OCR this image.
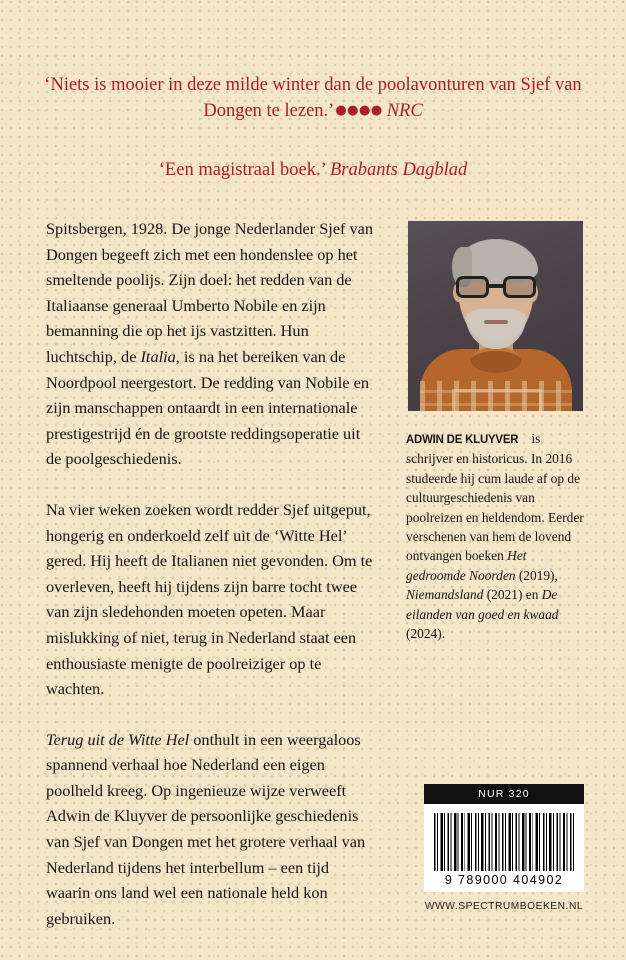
‘Niets is mooier in deze milde winter dan de poolavonturen van Sjef van Dongen te lezen.’●●●● NRC
‘Een magistraal boek.’ Brabants Dagblad

Spitsbergen, 1928. De jonge Nederlander Sjef van Dongen begeeft zich met een hondenslee op het smeltende poolijs. Zijn doel: het redden van de Italiaanse generaal Umberto Nobile en zijn bemanning die op het ijs vastzitten. Hun luchtschip, de Italia, is na het bereiken van de Noordpool neergestort. De redding van Nobile en zijn manschappen ontaardt in een internationale prestigestrijd én de grootste reddingsoperatie uit de poolgeschiedenis.

Na vier weken zoeken wordt redder Sjef uitgeput, hongerig en onderkoeld zelf uit de ‘Witte Hel’ gered. Hij heeft de Italianen niet gevonden. Om te overleven, heeft hij tijdens zijn barre tocht twee van zijn sledehonden moeten opeten. Maar mislukking of niet, terug in Nederland staat een enthousiaste menigte de poolreiziger op te wachten.

Terug uit de Witte Hel onthult in een weergaloos spannend verhaal hoe Nederland een eigen poolheld kreeg. Op ingenieuze wijze verweeft Adwin de Kluyver de persoonlijke geschiedenis van Sjef van Dongen met het grotere verhaal van Nederland tijdens het interbellum – een tijd waarin ons land wel een nationale held kon gebruiken.

ADWIN DE KLUYVER is schrijver en historicus. In 2016 studeerde hij cum laude af op de cultuurgeschiedenis van poolreizen en heldendom. Eerder verschenen van hem de lovend ontvangen boeken Het gedroomde Noorden (2019), Niemandsland (2021) en De eilanden van goed en kwaad (2024).
NUR 320
9 789000 404902
WWW.SPECTRUMBOEKEN.NL
